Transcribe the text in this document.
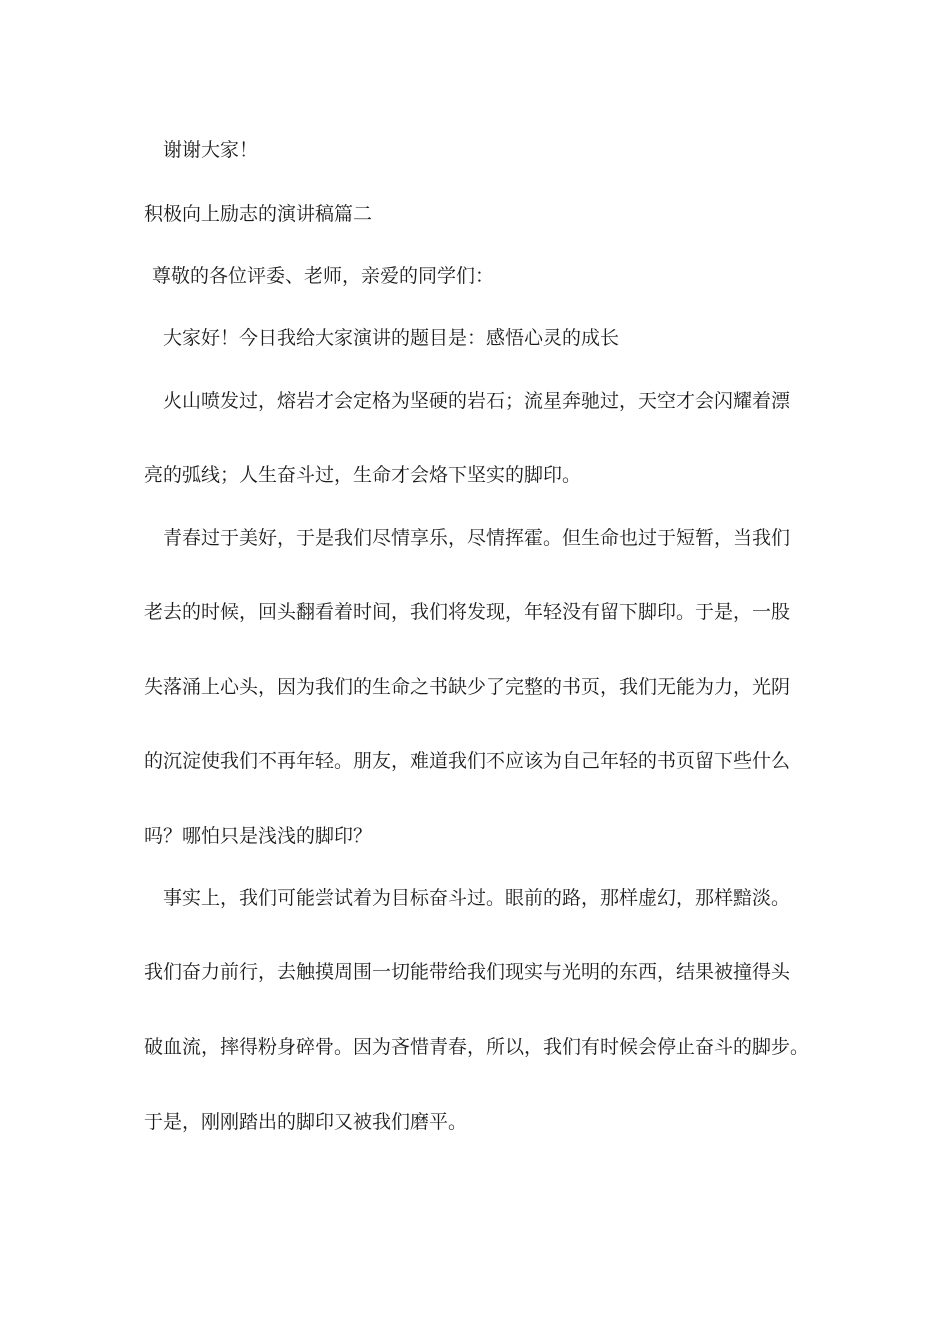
谢谢大家！

积极向上励志的演讲稿篇二

尊敬的各位评委、老师，亲爱的同学们：

大家好！今日我给大家演讲的题目是：感悟心灵的成长

火山喷发过，熔岩才会定格为坚硬的岩石；流星奔驰过，天空才会闪耀着漂

亮的弧线；人生奋斗过，生命才会烙下坚实的脚印。

青春过于美好，于是我们尽情享乐，尽情挥霍。但生命也过于短暂，当我们

老去的时候，回头翻看着时间，我们将发现，年轻没有留下脚印。于是，一股

失落涌上心头，因为我们的生命之书缺少了完整的书页，我们无能为力，光阴

的沉淀使我们不再年轻。朋友，难道我们不应该为自己年轻的书页留下些什么

吗？哪怕只是浅浅的脚印？

事实上，我们可能尝试着为目标奋斗过。眼前的路，那样虚幻，那样黯淡。

我们奋力前行，去触摸周围一切能带给我们现实与光明的东西，结果被撞得头

破血流，摔得粉身碎骨。因为吝惜青春，所以，我们有时候会停止奋斗的脚步。

于是，刚刚踏出的脚印又被我们磨平。
